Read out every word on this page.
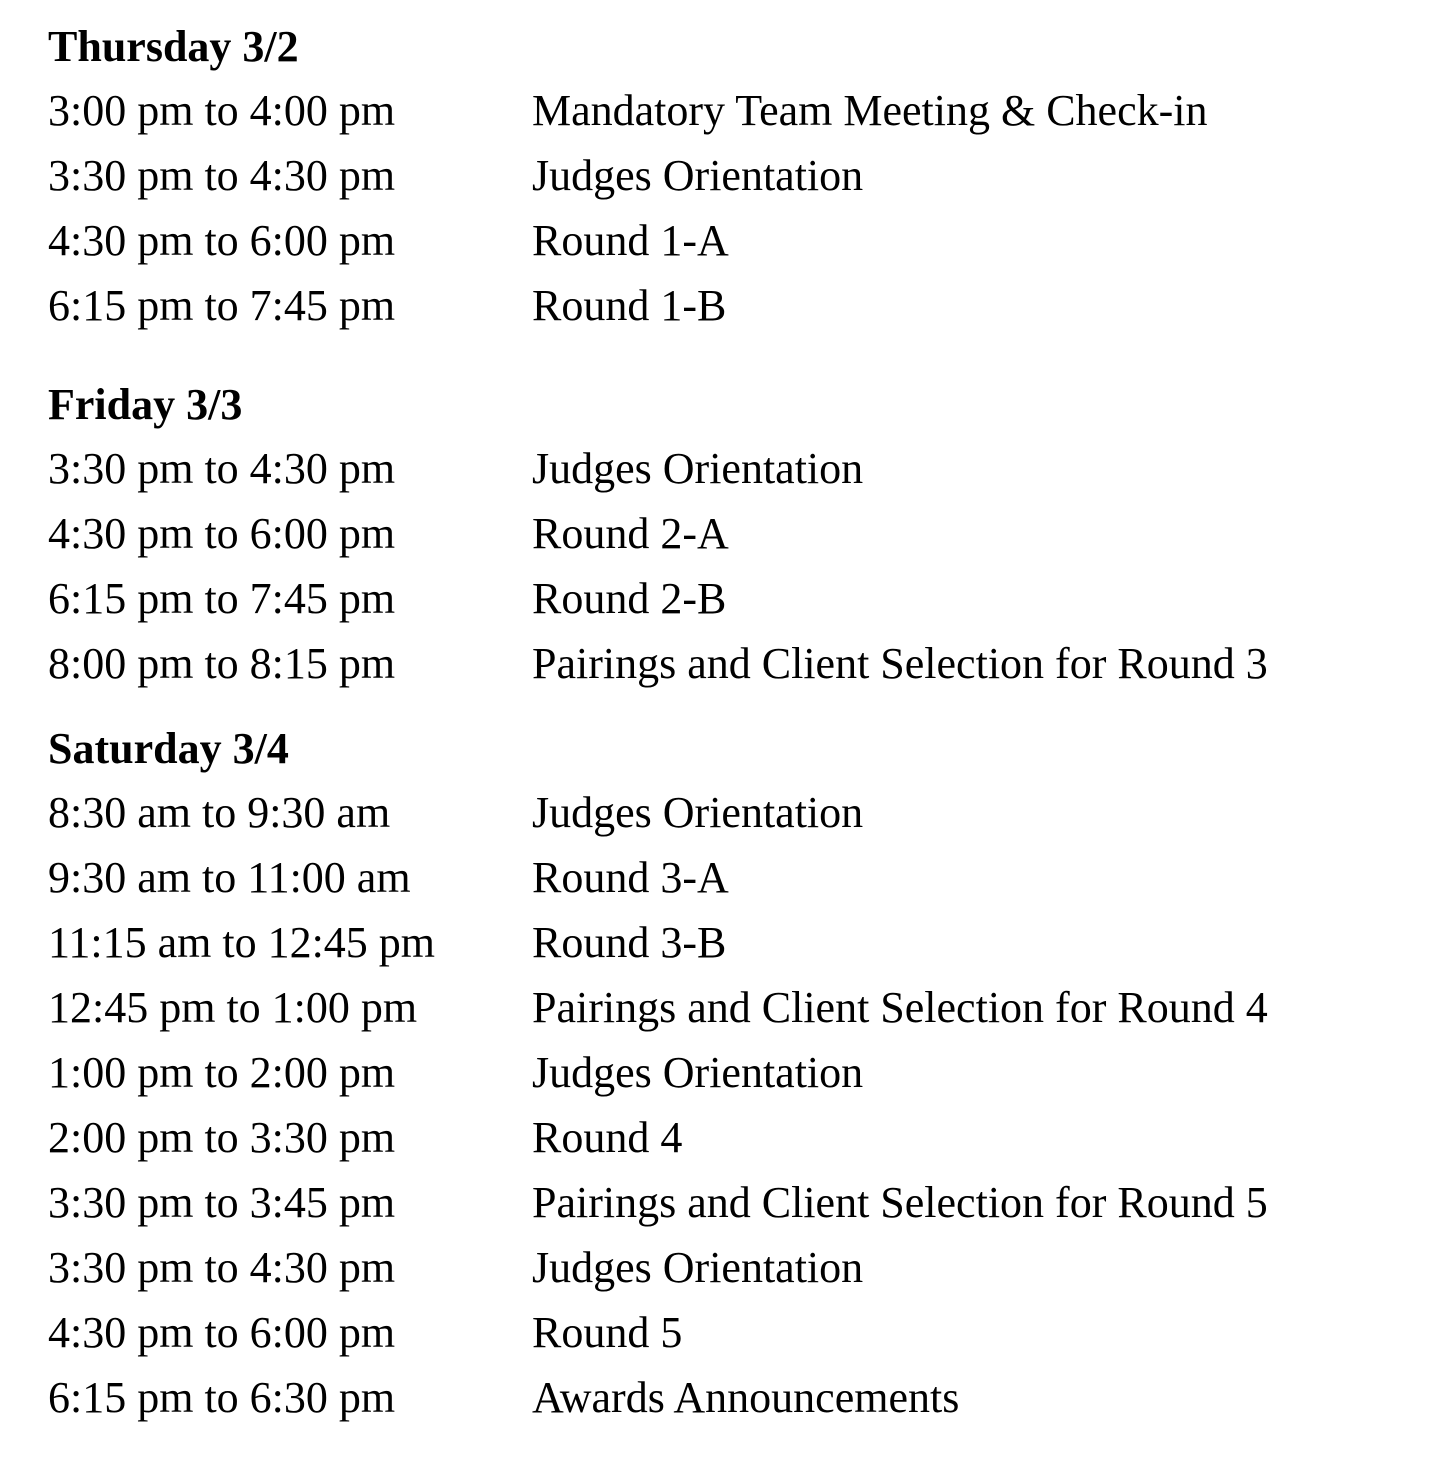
Thursday 3/2
3:00 pm to 4:00 pm	Mandatory Team Meeting & Check-in
3:30 pm to 4:30 pm	Judges Orientation
4:30 pm to 6:00 pm	Round 1-A
6:15 pm to 7:45 pm	Round 1-B
Friday 3/3
3:30 pm to 4:30 pm	Judges Orientation
4:30 pm to 6:00 pm	Round 2-A
6:15 pm to 7:45 pm	Round 2-B
8:00 pm to 8:15 pm	Pairings and Client Selection for Round 3
Saturday 3/4
8:30 am to 9:30 am	Judges Orientation
9:30 am to 11:00 am	Round 3-A
11:15 am to 12:45 pm	Round 3-B
12:45 pm to 1:00 pm	Pairings and Client Selection for Round 4
1:00 pm to 2:00 pm	Judges Orientation
2:00 pm to 3:30 pm	Round 4
3:30 pm to 3:45 pm	Pairings and Client Selection for Round 5
3:30 pm to 4:30 pm	Judges Orientation
4:30 pm to 6:00 pm	Round 5
6:15 pm to 6:30 pm	Awards Announcements
